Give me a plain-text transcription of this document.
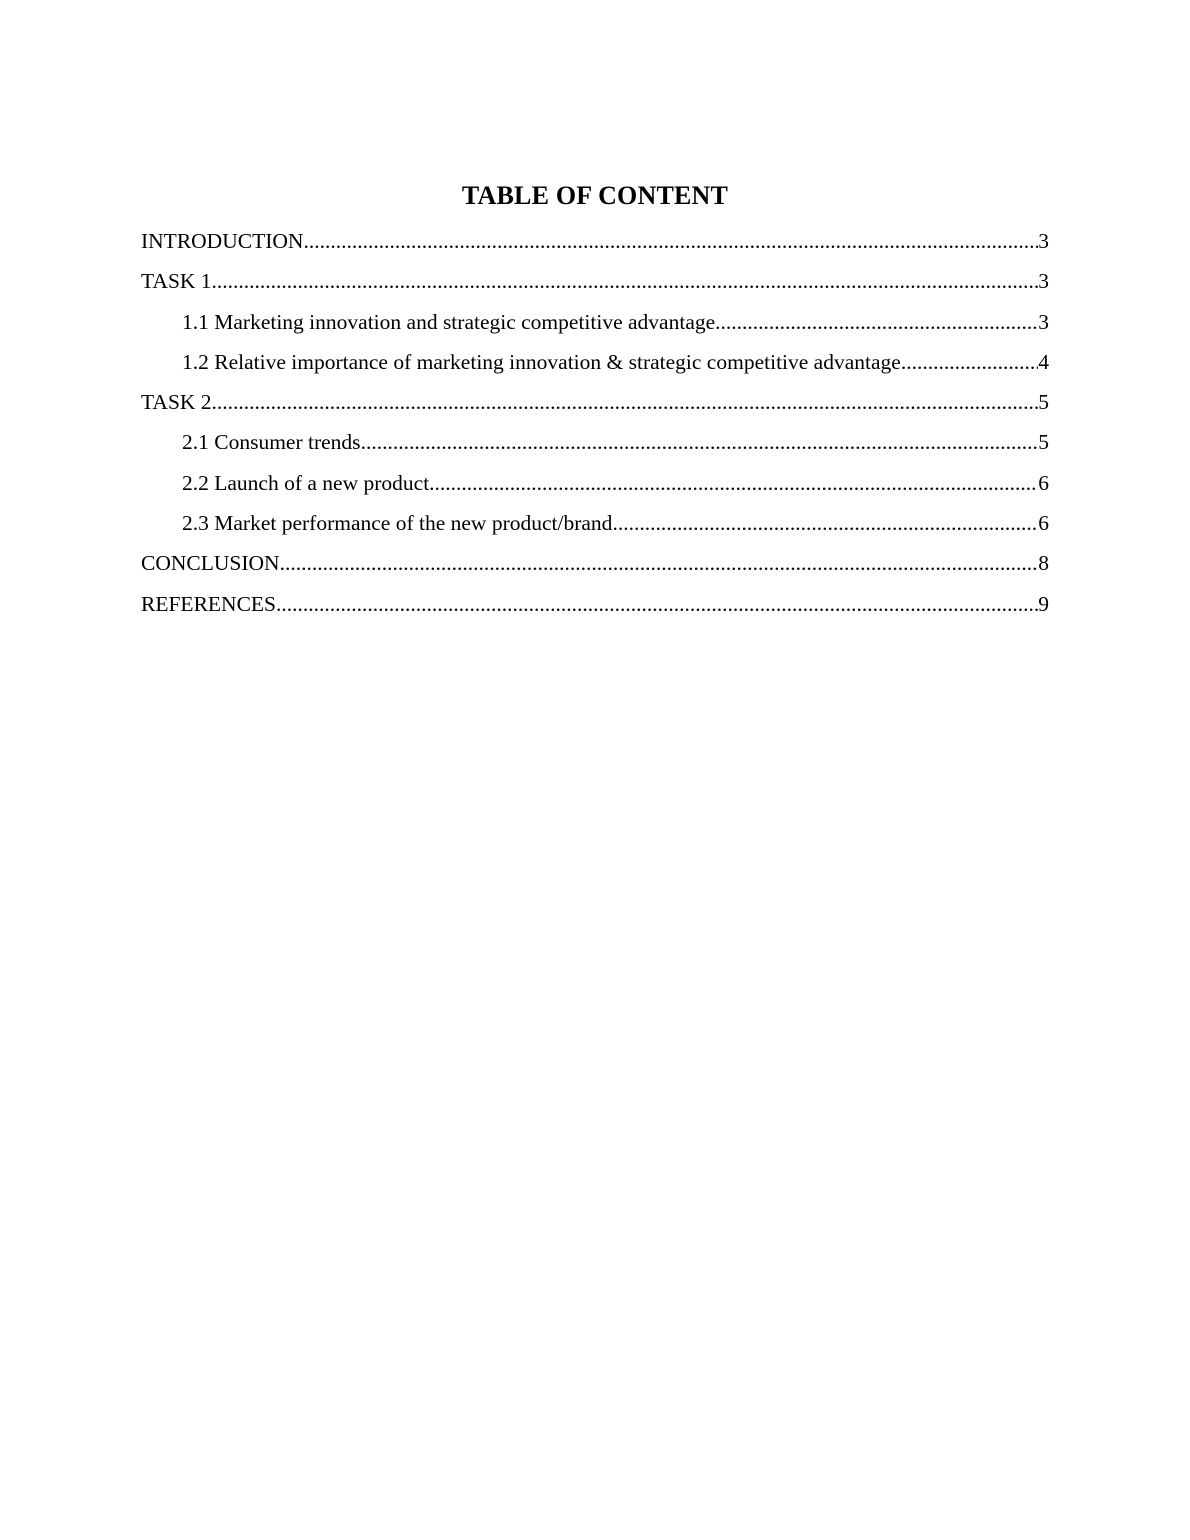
TABLE OF CONTENT
INTRODUCTION .....	3
TASK 1 .....	3
1.1 Marketing innovation and strategic competitive advantage .....	3
1.2 Relative importance of marketing innovation & strategic competitive advantage .....	4
TASK 2 .....	5
2.1 Consumer trends .....	5
2.2 Launch of a new product .....	6
2.3 Market performance of the new product/brand .....	6
CONCLUSION .....	8
REFERENCES .....	9
